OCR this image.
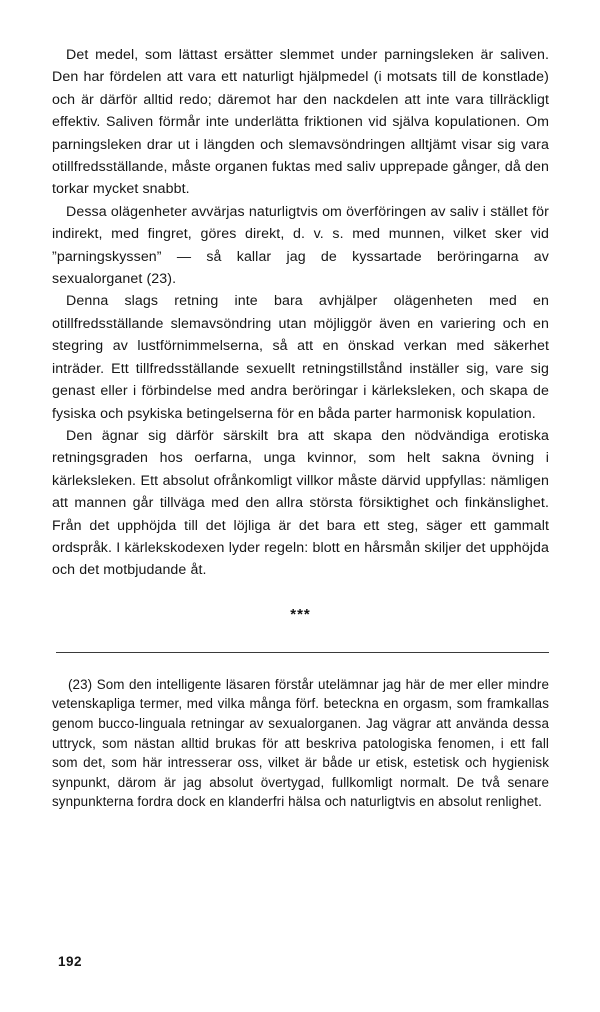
Det medel, som lättast ersätter slemmet under parningsleken är saliven. Den har fördelen att vara ett naturligt hjälpmedel (i motsats till de konstlade) och är därför alltid redo; däremot har den nackdelen att inte vara tillräckligt effektiv. Saliven förmår inte underlätta friktionen vid själva kopulationen. Om parningsleken drar ut i längden och slemavsöndringen alltjämt visar sig vara otillfredsställande, måste organen fuktas med saliv upprepade gånger, då den torkar mycket snabbt.

Dessa olägenheter avvärjas naturligtvis om överföringen av saliv i stället för indirekt, med fingret, göres direkt, d. v. s. med munnen, vilket sker vid ”parningskyssen” — så kallar jag de kyssartade beröringarna av sexualorganet (23).

Denna slags retning inte bara avhjälper olägenheten med en otillfredsställande slemavsöndring utan möjliggör även en variering och en stegring av lustförnimmelserna, så att en önskad verkan med säkerhet inträder. Ett tillfredsställande sexuellt retningstillstånd inställer sig, vare sig genast eller i förbindelse med andra beröringar i kärleksleken, och skapa de fysiska och psykiska betingelserna för en båda parter harmonisk kopulation.

Den ägnar sig därför särskilt bra att skapa den nödvändiga erotiska retningsgraden hos oerfarna, unga kvinnor, som helt sakna övning i kärleksleken. Ett absolut ofrånkomligt villkor måste därvid uppfyllas: nämligen att mannen går tillväga med den allra största försiktighet och finkänslighet. Från det upphöjda till det löjliga är det bara ett steg, säger ett gammalt ordspråk. I kärlekskodexen lyder regeln: blott en hårsmån skiljer det upphöjda och det motbjudande åt.

***

(23) Som den intelligente läsaren förstår utelämnar jag här de mer eller mindre vetenskapliga termer, med vilka många förf. beteckna en orgasm, som framkallas genom bucco-linguala retningar av sexualorganen. Jag vägrar att använda dessa uttryck, som nästan alltid brukas för att beskriva patologiska fenomen, i ett fall som det, som här intresserar oss, vilket är både ur etisk, estetisk och hygienisk synpunkt, därom är jag absolut övertygad, fullkomligt normalt. De två senare synpunkterna fordra dock en klanderfri hälsa och naturligtvis en absolut renlighet.

192
